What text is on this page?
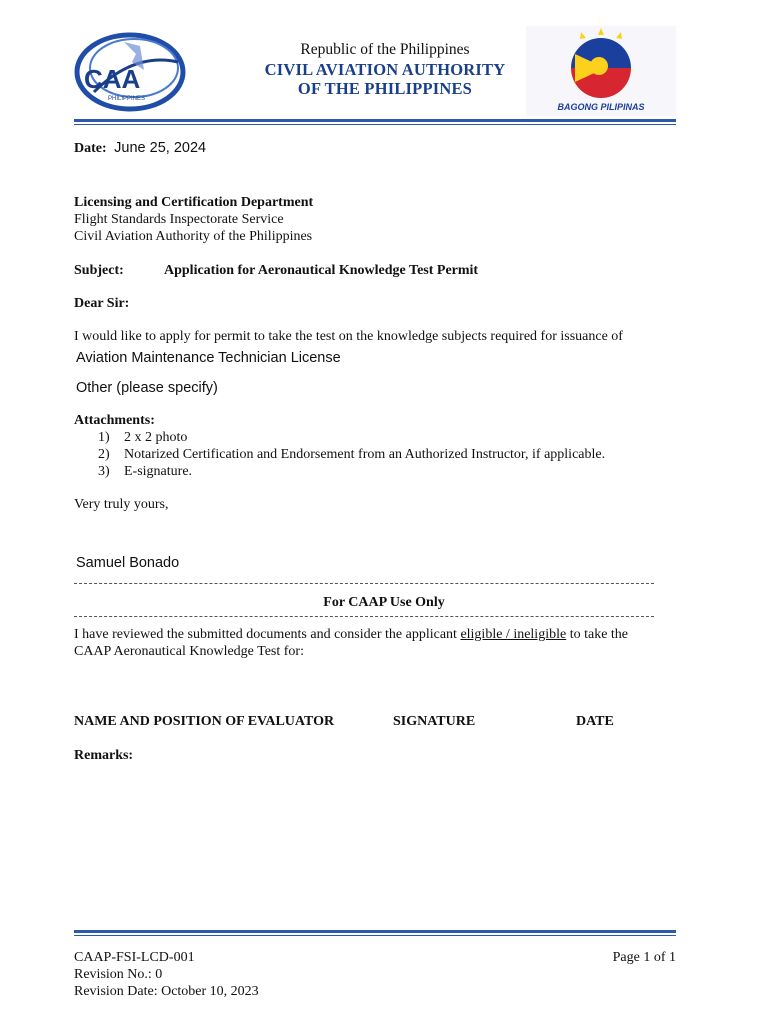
CAA
PHILIPPINES
Republic of the Philippines
CIVIL AVIATION AUTHORITY
OF THE PHILIPPINES
BAGONG PILIPINAS
Date: June 25, 2024
Licensing and Certification Department
Flight Standards Inspectorate Service
Civil Aviation Authority of the Philippines
Subject:	Application for Aeronautical Knowledge Test Permit
Dear Sir:
I would like to apply for permit to take the test on the knowledge subjects required for issuance of
Aviation Maintenance Technician License
Other (please specify)
Attachments:
1) 2 x 2 photo
2) Notarized Certification and Endorsement from an Authorized Instructor, if applicable.
3) E-signature.
Very truly yours,
Samuel Bonado
For CAAP Use Only
I have reviewed the submitted documents and consider the applicant eligible / ineligible to take the
CAAP Aeronautical Knowledge Test for:
NAME AND POSITION OF EVALUATOR	SIGNATURE	DATE
Remarks:
CAAP-FSI-LCD-001
Revision No.: 0
Revision Date: October 10, 2023
Page 1 of 1
